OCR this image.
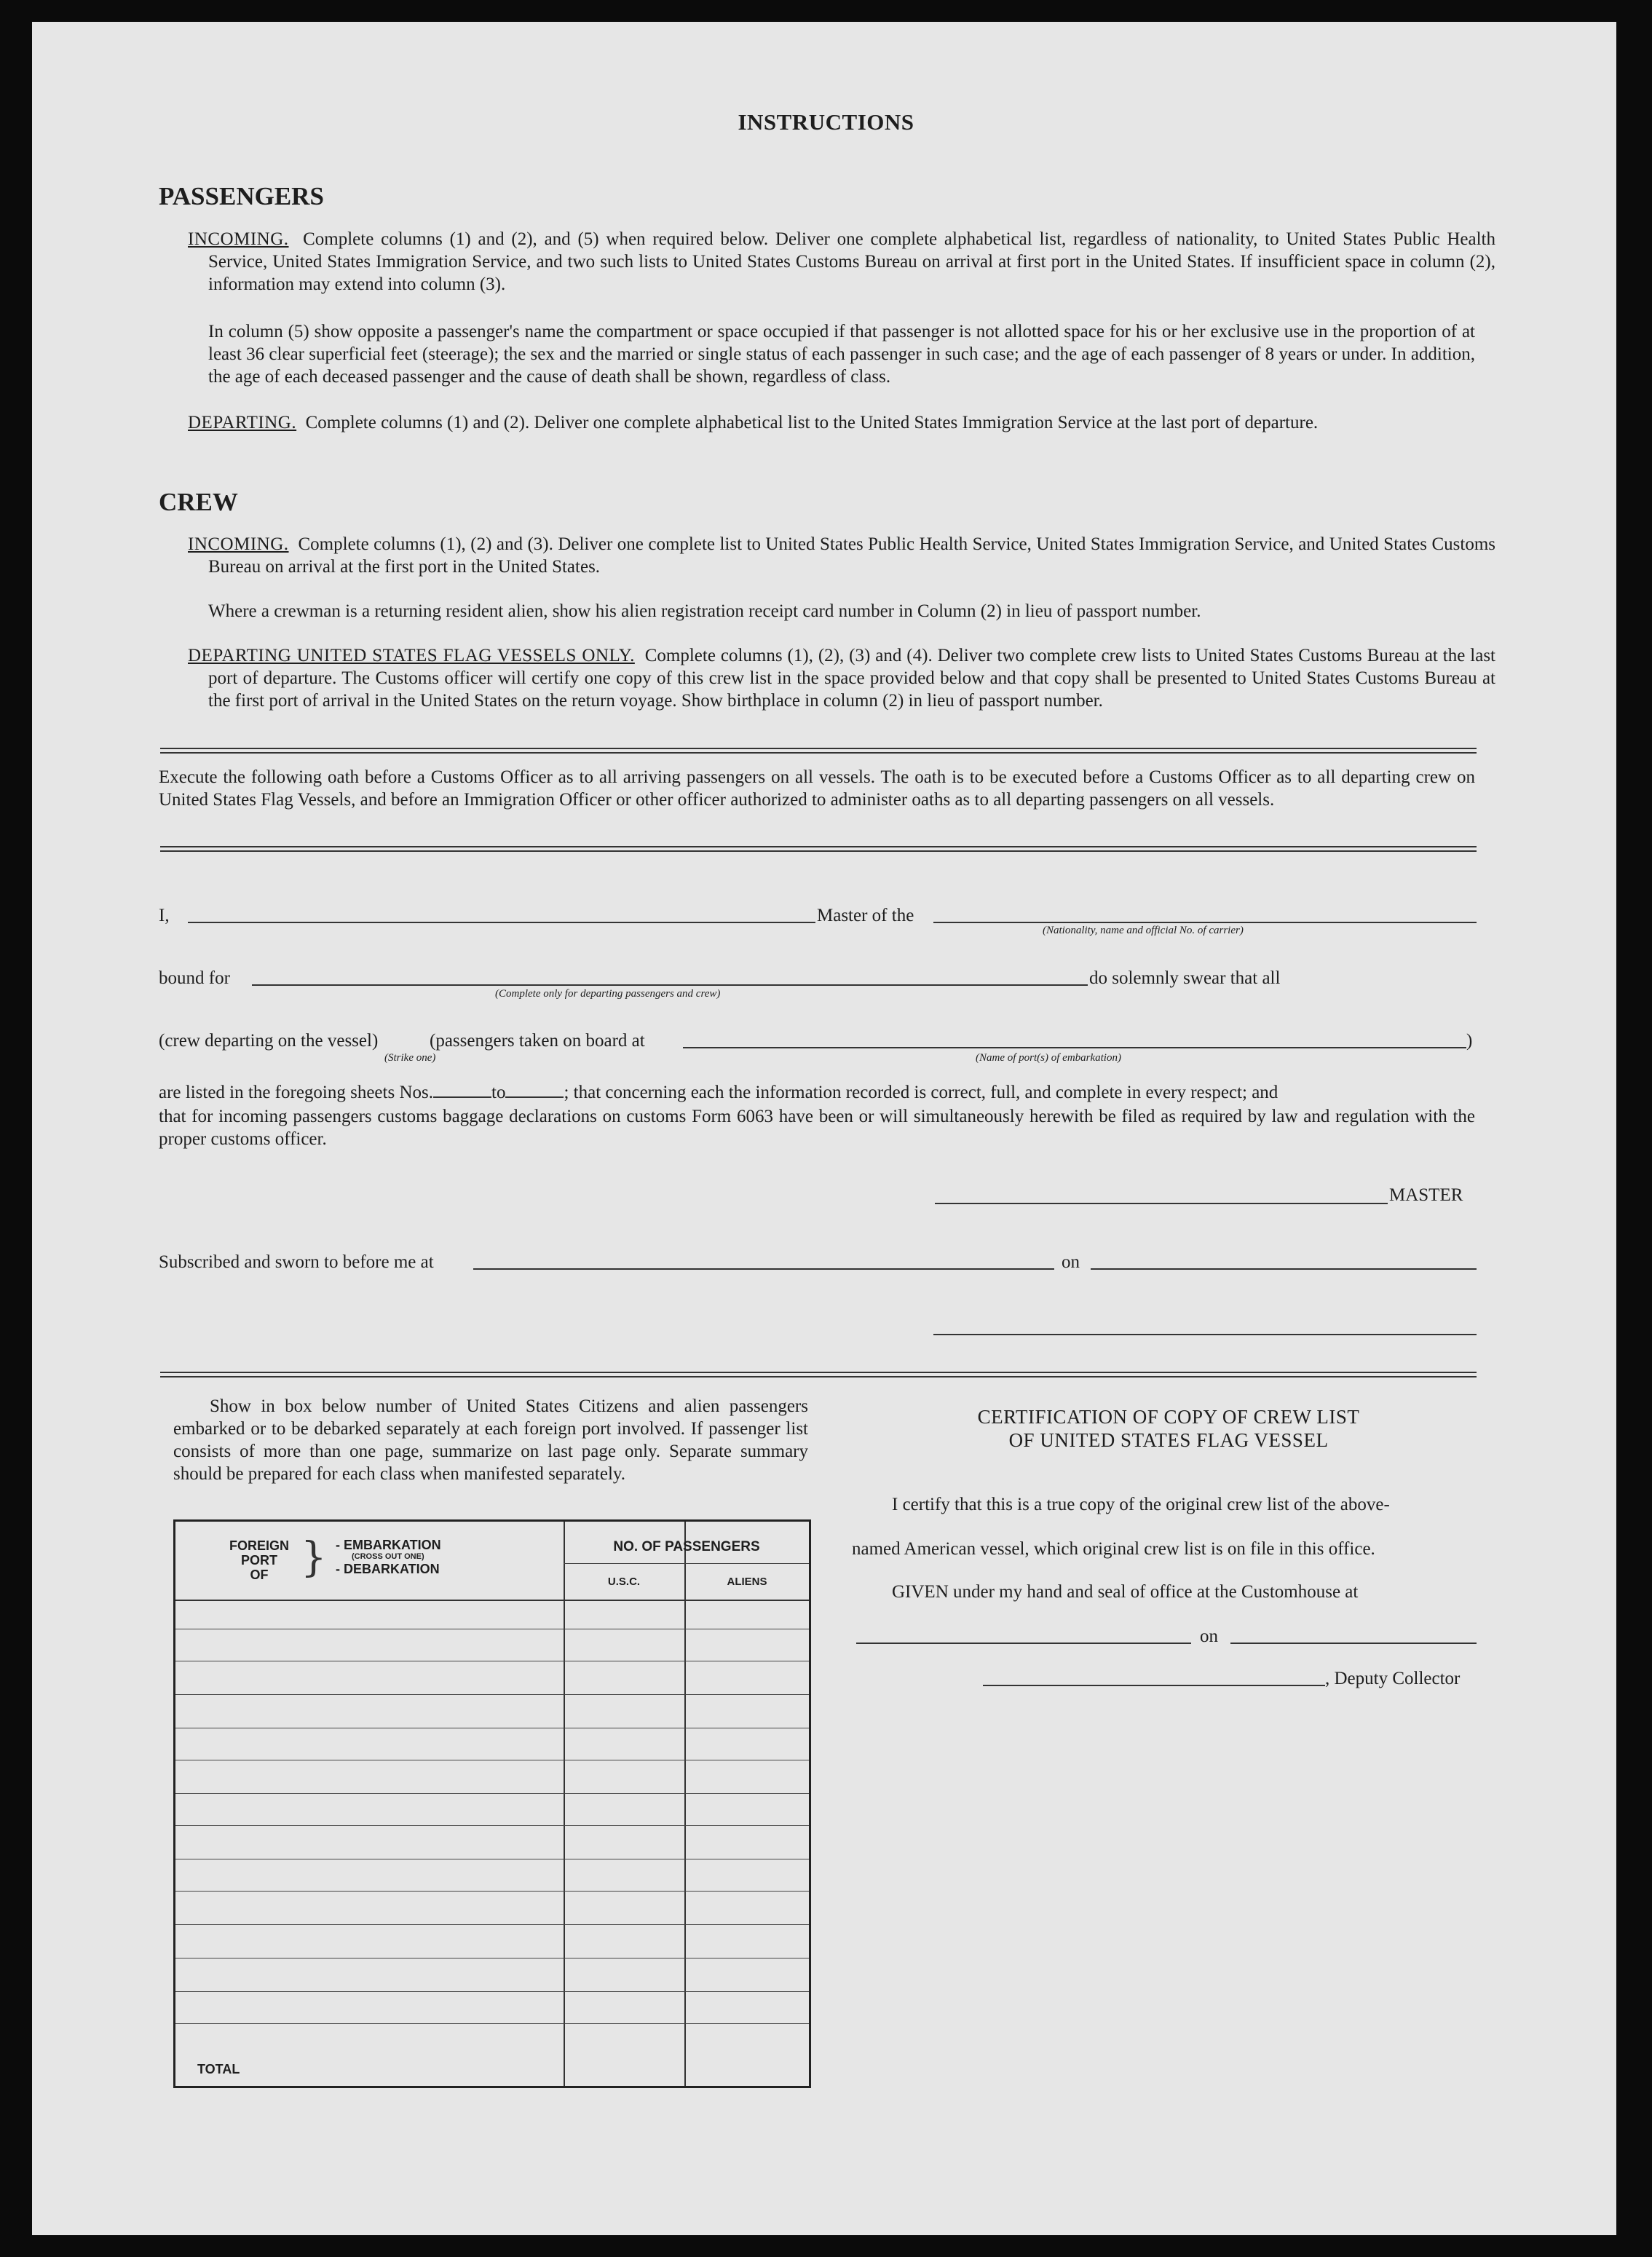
INSTRUCTIONS
PASSENGERS
INCOMING. Complete columns (1) and (2), and (5) when required below. Deliver one complete alphabetical list, regardless of nationality, to United States Public Health Service, United States Immigration Service, and two such lists to United States Customs Bureau on arrival at first port in the United States. If insufficient space in column (2), information may extend into column (3).
In column (5) show opposite a passenger's name the compartment or space occupied if that passenger is not allotted space for his or her exclusive use in the proportion of at least 36 clear superficial feet (steerage); the sex and the married or single status of each passenger in such case; and the age of each passenger of 8 years or under. In addition, the age of each deceased passenger and the cause of death shall be shown, regardless of class.
DEPARTING. Complete columns (1) and (2). Deliver one complete alphabetical list to the United States Immigration Service at the last port of departure.
CREW
INCOMING. Complete columns (1), (2) and (3). Deliver one complete list to United States Public Health Service, United States Immigration Service, and United States Customs Bureau on arrival at the first port in the United States.
Where a crewman is a returning resident alien, show his alien registration receipt card number in Column (2) in lieu of passport number.
DEPARTING UNITED STATES FLAG VESSELS ONLY. Complete columns (1), (2), (3) and (4). Deliver two complete crew lists to United States Customs Bureau at the last port of departure. The Customs officer will certify one copy of this crew list in the space provided below and that copy shall be presented to United States Customs Bureau at the first port of arrival in the United States on the return voyage. Show birthplace in column (2) in lieu of passport number.
Execute the following oath before a Customs Officer as to all arriving passengers on all vessels. The oath is to be executed before a Customs Officer as to all departing crew on United States Flag Vessels, and before an Immigration Officer or other officer authorized to administer oaths as to all departing passengers on all vessels.
I,	Master of the
(Nationality, name and official No. of carrier)
bound for
(Complete only for departing passengers and crew)
do solemnly swear that all
(crew departing on the vessel)
(Strike one)
(passengers taken on board at
(Name of port(s) of embarkation)
)
are listed in the foregoing sheets Nos.	to	; that concerning each the information recorded is correct, full, and complete in every respect; and
that for incoming passengers customs baggage declarations on customs Form 6063 have been or will simultaneously herewith be filed as required by law and regulation with the proper customs officer.
MASTER
Subscribed and sworn to before me at	on
Show in box below number of United States Citizens and alien passengers embarked or to be debarked separately at each foreign port involved. If passenger list consists of more than one page, summarize on last page only. Separate summary should be prepared for each class when manifested separately.
FOREIGN
PORT
OF } - EMBARKATION
(CROSS OUT ONE)
- DEBARKATION
NO. OF PASSENGERS
U.S.C.	ALIENS
TOTAL
CERTIFICATION OF COPY OF CREW LIST
OF UNITED STATES FLAG VESSEL
I certify that this is a true copy of the original crew list of the above-
named American vessel, which original crew list is on file in this office.
GIVEN under my hand and seal of office at the Customhouse at
on
, Deputy Collector
